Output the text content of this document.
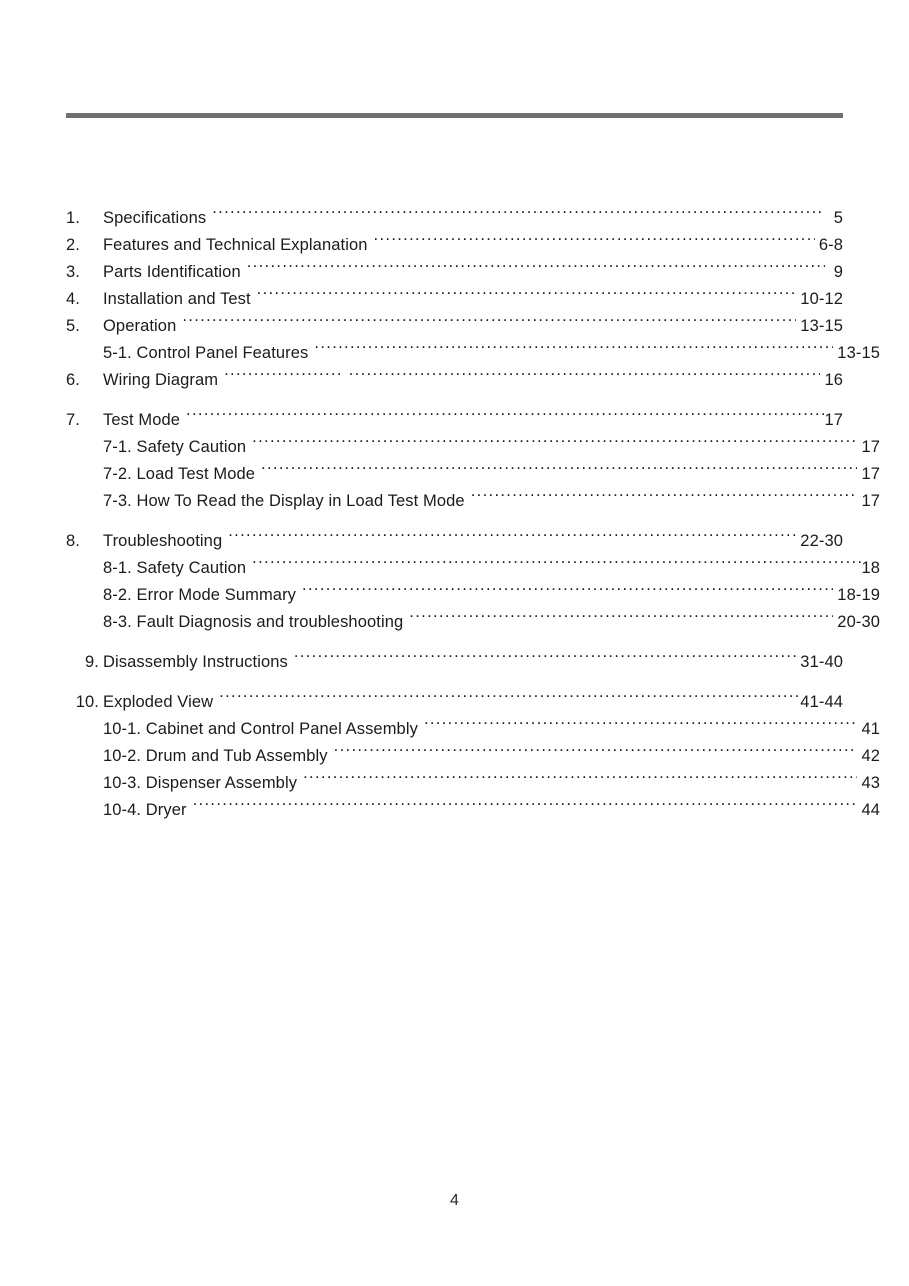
1.	Specifications .....	5
2.	Features and Technical Explanation .....	6-8
3.	Parts Identification .....	9
4.	Installation and Test .....	10-12
5.	Operation .....	13-15
5-1. Control Panel Features .....	13-15
6.	Wiring Diagram .....	16
7.	Test Mode .....	17
7-1. Safety Caution .....	17
7-2. Load Test Mode .....	17
7-3. How To Read the Display in Load Test Mode .....	17
8.	Troubleshooting .....	22-30
8-1. Safety Caution .....	18
8-2. Error Mode Summary .....	18-19
8-3. Fault Diagnosis and troubleshooting .....	20-30
9. Disassembly Instructions .....	31-40
10. Exploded View .....	41-44
10-1. Cabinet and Control Panel Assembly .....	41
10-2. Drum and Tub Assembly .....	42
10-3. Dispenser Assembly .....	43
10-4. Dryer .....	44
4
